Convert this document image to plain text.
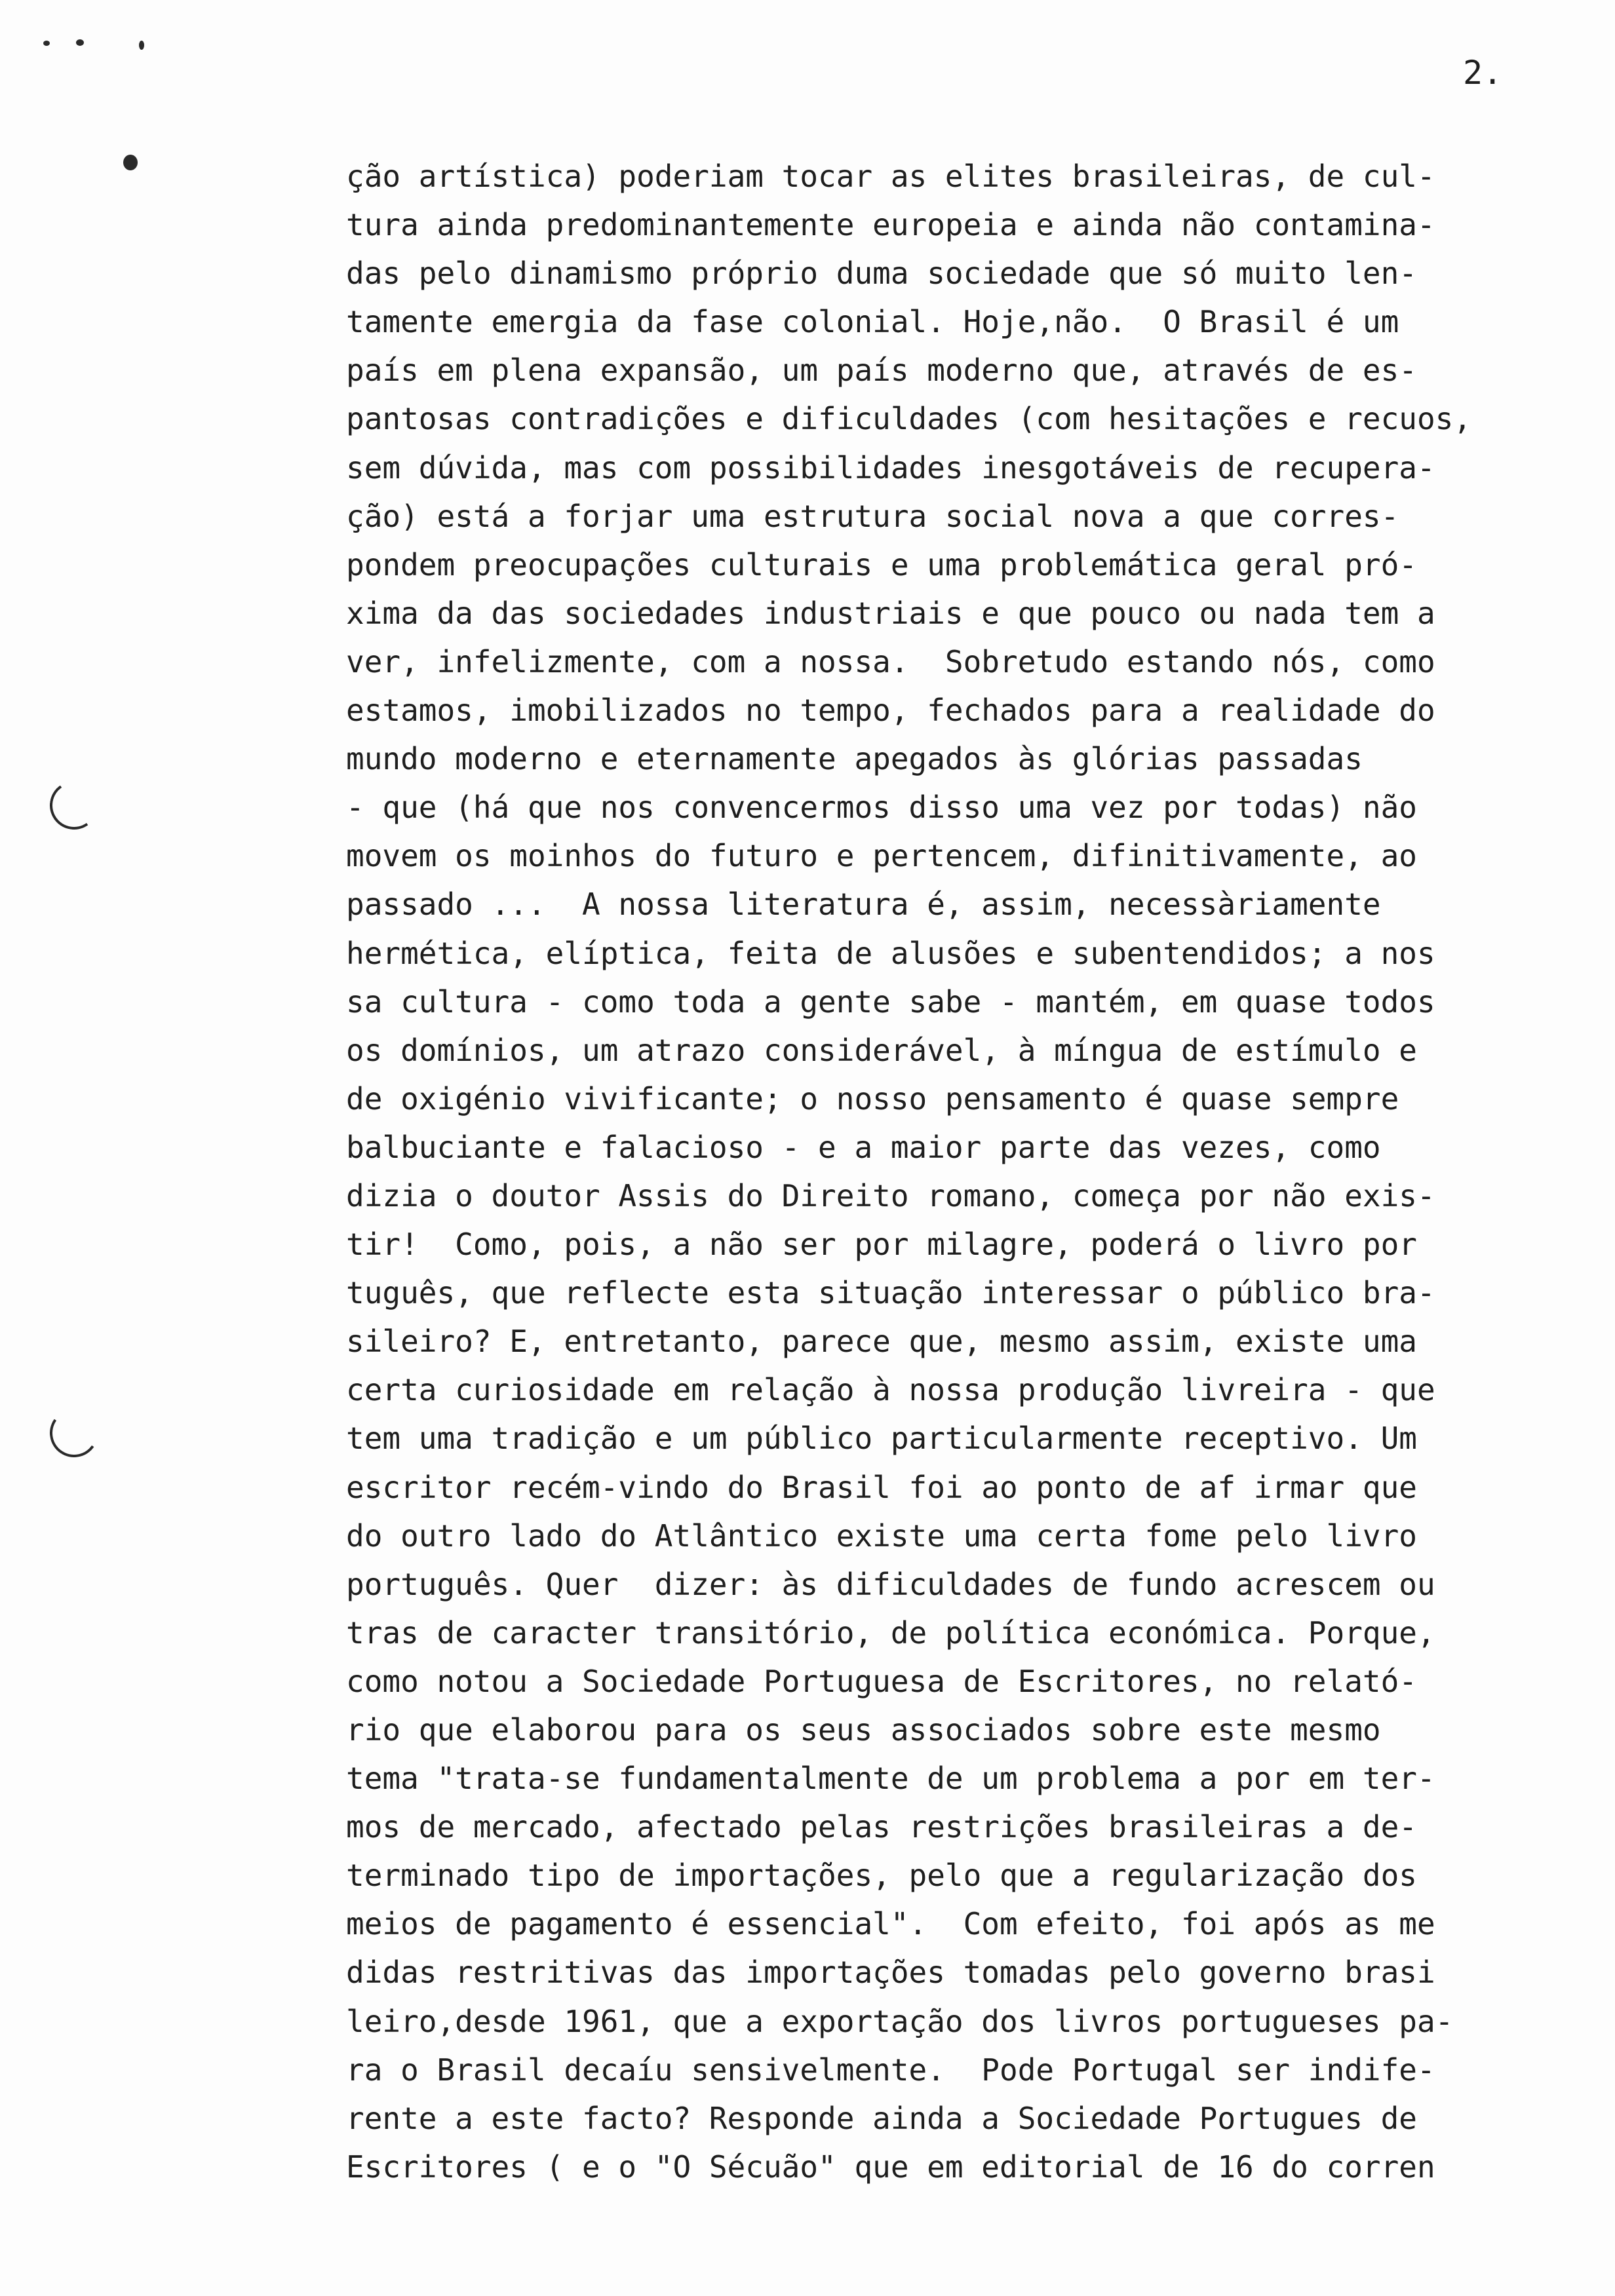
2.
ção artística) poderiam tocar as elites brasileiras, de cul-
tura ainda predominantemente europeia e ainda não contamina-
das pelo dinamismo próprio duma sociedade que só muito len-
tamente emergia da fase colonial. Hoje,não.  O Brasil é um
país em plena expansão, um país moderno que, através de es-
pantosas contradições e dificuldades (com hesitações e recuos,
sem dúvida, mas com possibilidades inesgotáveis de recupera-
ção) está a forjar uma estrutura social nova a que corres-
pondem preocupações culturais e uma problemática geral pró-
xima da das sociedades industriais e que pouco ou nada tem a
ver, infelizmente, com a nossa.  Sobretudo estando nós, como
estamos, imobilizados no tempo, fechados para a realidade do
mundo moderno e eternamente apegados às glórias passadas
- que (há que nos convencermos disso uma vez por todas) não
movem os moinhos do futuro e pertencem, difinitivamente, ao
passado ...  A nossa literatura é, assim, necessàriamente
hermética, elíptica, feita de alusões e subentendidos; a nos
sa cultura - como toda a gente sabe - mantém, em quase todos
os domínios, um atrazo considerável, à míngua de estímulo e
de oxigénio vivificante; o nosso pensamento é quase sempre
balbuciante e falacioso - e a maior parte das vezes, como
dizia o doutor Assis do Direito romano, começa por não exis-
tir!  Como, pois, a não ser por milagre, poderá o livro por
tuguês, que reflecte esta situação interessar o público bra-
sileiro? E, entretanto, parece que, mesmo assim, existe uma
certa curiosidade em relação à nossa produção livreira - que
tem uma tradição e um público particularmente receptivo. Um
escritor recém-vindo do Brasil foi ao ponto de af irmar que
do outro lado do Atlântico existe uma certa fome pelo livro
português. Quer  dizer: às dificuldades de fundo acrescem ou
tras de caracter transitório, de política económica. Porque,
como notou a Sociedade Portuguesa de Escritores, no relató-
rio que elaborou para os seus associados sobre este mesmo
tema "trata-se fundamentalmente de um problema a por em ter-
mos de mercado, afectado pelas restrições brasileiras a de-
terminado tipo de importações, pelo que a regularização dos
meios de pagamento é essencial".  Com efeito, foi após as me
didas restritivas das importações tomadas pelo governo brasi
leiro,desde 1961, que a exportação dos livros portugueses pa-
ra o Brasil decaíu sensivelmente.  Pode Portugal ser indife-
rente a este facto? Responde ainda a Sociedade Portugues de
Escritores ( e o "O Sécuão" que em editorial de 16 do corren
